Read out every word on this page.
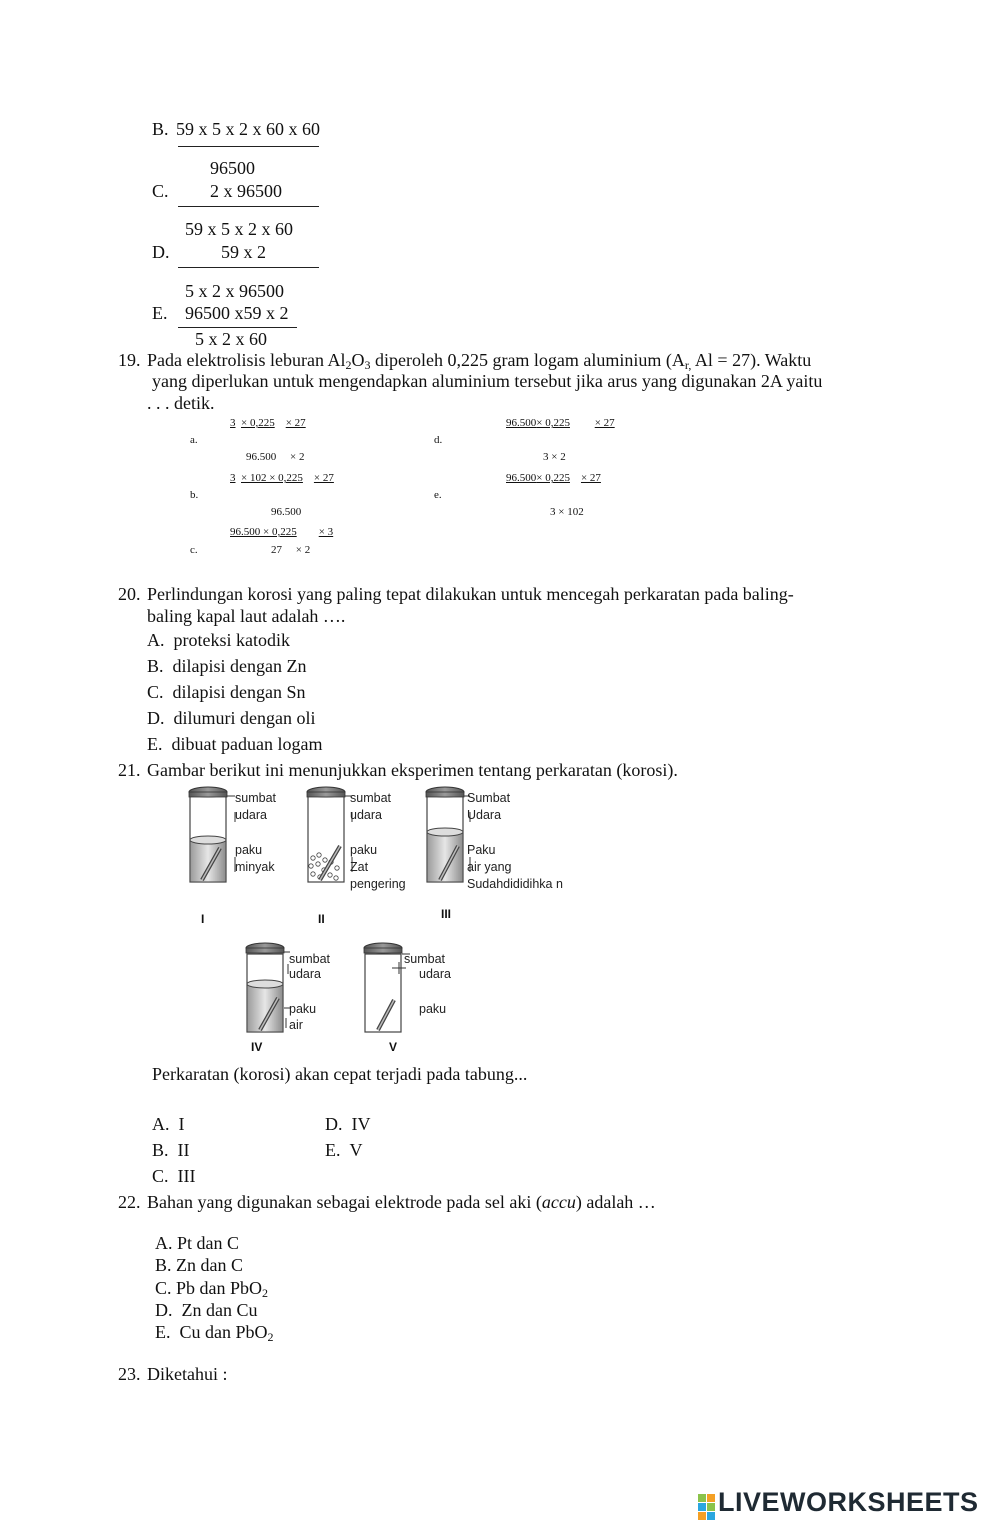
B. 59 x 5 x 2 x 60 x 60
96500
C. 2 x 96500
59 x 5 x 2 x 60
D.	59 x 2
5 x 2 x 96500
E. 96500 x59 x 2
5 x 2 x 60
19. Pada elektrolisis leburan $Al_2O_3$ diperoleh 0,225 gram logam aluminium ($A_{r,}$ Al = 27). Waktu
yang diperlukan untuk mengendapkan aluminium tersebut jika arus yang digunakan 2A yaitu
. . . detik.
3 × 0,225 × 27
a.
96.500 × 2
3 × 102 × 0,225 × 27
b.
96.500
96.500 × 0,225 × 3
c.	27 × 2
96.500× 0,225 × 27
d.
3 × 2
96.500× 0,225 × 27
e.
3 × 102
20. Perlindungan korosi yang paling tepat dilakukan untuk mencegah perkaratan pada baling-
baling kapal laut adalah ….
A. proteksi katodik
B. dilapisi dengan Zn
C. dilapisi dengan Sn
D. dilumuri dengan oli
E. dibuat paduan logam
21. Gambar berikut ini menunjukkan eksperimen tentang perkaratan (korosi).
sumbat
udara
paku
minyak
I
sumbat
udara
paku
Zat
pengering
II
Sumbat
Udara
Paku
air yang
Sudahdididihka n
III
sumbat
udara
paku
air
IV
sumbat
udara
paku
V
Perkaratan (korosi) akan cepat terjadi pada tabung...
A. I
B. II
C. III
D. IV
E. V
22. Bahan yang digunakan sebagai elektrode pada sel aki (accu) adalah …
A. Pt dan C
B. Zn dan C
C. Pb dan PbO$_2$
D. Zn dan Cu
E. Cu dan PbO$_2$
23. Diketahui :
LIVEWORKSHEETS
